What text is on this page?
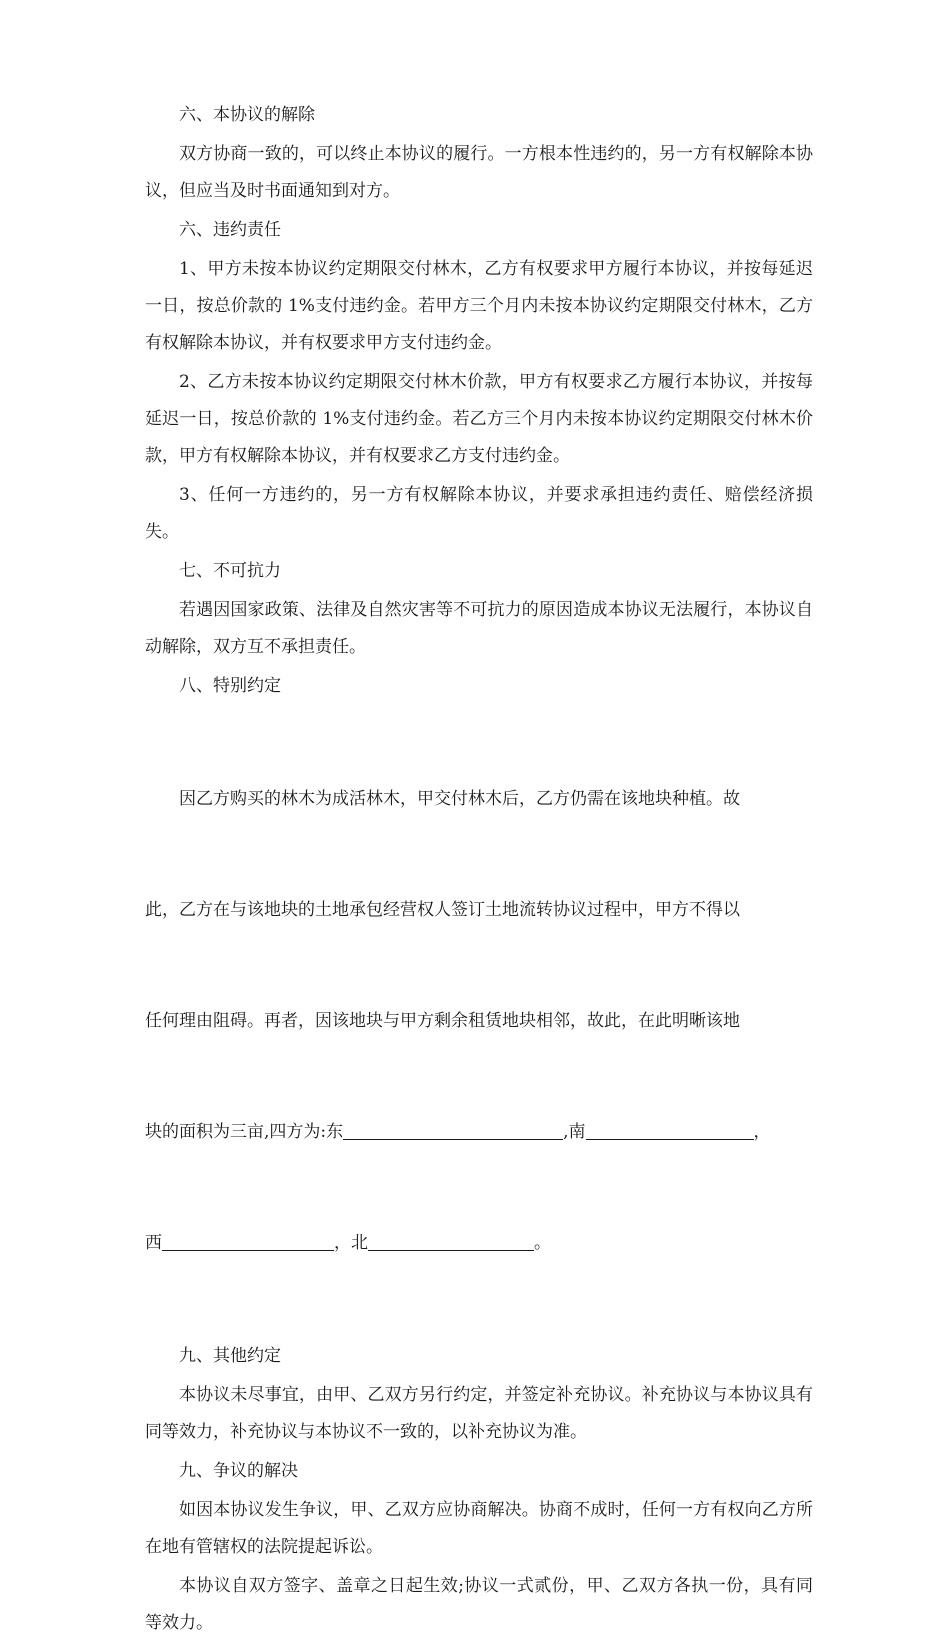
六、本协议的解除

双方协商一致的，可以终止本协议的履行。一方根本性违约的，另一方有权解除本协议，但应当及时书面通知到对方。

六、违约责任

1、甲方未按本协议约定期限交付林木，乙方有权要求甲方履行本协议，并按每延迟一日，按总价款的 1%支付违约金。若甲方三个月内未按本协议约定期限交付林木，乙方有权解除本协议，并有权要求甲方支付违约金。

2、乙方未按本协议约定期限交付林木价款，甲方有权要求乙方履行本协议，并按每延迟一日，按总价款的 1%支付违约金。若乙方三个月内未按本协议约定期限交付林木价款，甲方有权解除本协议，并有权要求乙方支付违约金。

3、任何一方违约的，另一方有权解除本协议，并要求承担违约责任、赔偿经济损失。

七、不可抗力

若遇因国家政策、法律及自然灾害等不可抗力的原因造成本协议无法履行，本协议自动解除，双方互不承担责任。

八、特别约定

因乙方购买的林木为成活林木，甲交付林木后，乙方仍需在该地块种植。故

此，乙方在与该地块的土地承包经营权人签订土地流转协议过程中，甲方不得以

任何理由阻碍。再者，因该地块与甲方剩余租赁地块相邻，故此，在此明晰该地

块的面积为三亩,四方为:东	,南	，

西	，北	。

九、其他约定

本协议未尽事宜，由甲、乙双方另行约定，并签定补充协议。补充协议与本协议具有同等效力，补充协议与本协议不一致的，以补充协议为准。

九、争议的解决

如因本协议发生争议，甲、乙双方应协商解决。协商不成时，任何一方有权向乙方所在地有管辖权的法院提起诉讼。

本协议自双方签字、盖章之日起生效;协议一式贰份，甲、乙双方各执一份，具有同等效力。
